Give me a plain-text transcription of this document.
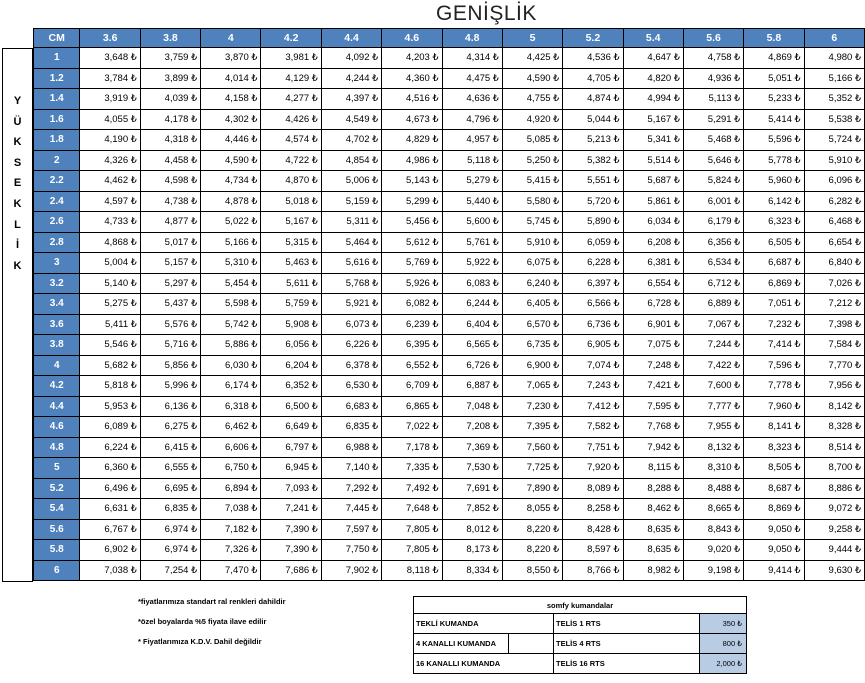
GENİŞLİK
Y
Ü
K
S
E
K
L
İ
K
CM	3.6	3.8	4	4.2	4.4	4.6	4.8	5	5.2	5.4	5.6	5.8	6
1	3,648 ₺	3,759 ₺	3,870 ₺	3,981 ₺	4,092 ₺	4,203 ₺	4,314 ₺	4,425 ₺	4,536 ₺	4,647 ₺	4,758 ₺	4,869 ₺	4,980 ₺
1.2	3,784 ₺	3,899 ₺	4,014 ₺	4,129 ₺	4,244 ₺	4,360 ₺	4,475 ₺	4,590 ₺	4,705 ₺	4,820 ₺	4,936 ₺	5,051 ₺	5,166 ₺
1.4	3,919 ₺	4,039 ₺	4,158 ₺	4,277 ₺	4,397 ₺	4,516 ₺	4,636 ₺	4,755 ₺	4,874 ₺	4,994 ₺	5,113 ₺	5,233 ₺	5,352 ₺
1.6	4,055 ₺	4,178 ₺	4,302 ₺	4,426 ₺	4,549 ₺	4,673 ₺	4,796 ₺	4,920 ₺	5,044 ₺	5,167 ₺	5,291 ₺	5,414 ₺	5,538 ₺
1.8	4,190 ₺	4,318 ₺	4,446 ₺	4,574 ₺	4,702 ₺	4,829 ₺	4,957 ₺	5,085 ₺	5,213 ₺	5,341 ₺	5,468 ₺	5,596 ₺	5,724 ₺
2	4,326 ₺	4,458 ₺	4,590 ₺	4,722 ₺	4,854 ₺	4,986 ₺	5,118 ₺	5,250 ₺	5,382 ₺	5,514 ₺	5,646 ₺	5,778 ₺	5,910 ₺
2.2	4,462 ₺	4,598 ₺	4,734 ₺	4,870 ₺	5,006 ₺	5,143 ₺	5,279 ₺	5,415 ₺	5,551 ₺	5,687 ₺	5,824 ₺	5,960 ₺	6,096 ₺
2.4	4,597 ₺	4,738 ₺	4,878 ₺	5,018 ₺	5,159 ₺	5,299 ₺	5,440 ₺	5,580 ₺	5,720 ₺	5,861 ₺	6,001 ₺	6,142 ₺	6,282 ₺
2.6	4,733 ₺	4,877 ₺	5,022 ₺	5,167 ₺	5,311 ₺	5,456 ₺	5,600 ₺	5,745 ₺	5,890 ₺	6,034 ₺	6,179 ₺	6,323 ₺	6,468 ₺
2.8	4,868 ₺	5,017 ₺	5,166 ₺	5,315 ₺	5,464 ₺	5,612 ₺	5,761 ₺	5,910 ₺	6,059 ₺	6,208 ₺	6,356 ₺	6,505 ₺	6,654 ₺
3	5,004 ₺	5,157 ₺	5,310 ₺	5,463 ₺	5,616 ₺	5,769 ₺	5,922 ₺	6,075 ₺	6,228 ₺	6,381 ₺	6,534 ₺	6,687 ₺	6,840 ₺
3.2	5,140 ₺	5,297 ₺	5,454 ₺	5,611 ₺	5,768 ₺	5,926 ₺	6,083 ₺	6,240 ₺	6,397 ₺	6,554 ₺	6,712 ₺	6,869 ₺	7,026 ₺
3.4	5,275 ₺	5,437 ₺	5,598 ₺	5,759 ₺	5,921 ₺	6,082 ₺	6,244 ₺	6,405 ₺	6,566 ₺	6,728 ₺	6,889 ₺	7,051 ₺	7,212 ₺
3.6	5,411 ₺	5,576 ₺	5,742 ₺	5,908 ₺	6,073 ₺	6,239 ₺	6,404 ₺	6,570 ₺	6,736 ₺	6,901 ₺	7,067 ₺	7,232 ₺	7,398 ₺
3.8	5,546 ₺	5,716 ₺	5,886 ₺	6,056 ₺	6,226 ₺	6,395 ₺	6,565 ₺	6,735 ₺	6,905 ₺	7,075 ₺	7,244 ₺	7,414 ₺	7,584 ₺
4	5,682 ₺	5,856 ₺	6,030 ₺	6,204 ₺	6,378 ₺	6,552 ₺	6,726 ₺	6,900 ₺	7,074 ₺	7,248 ₺	7,422 ₺	7,596 ₺	7,770 ₺
4.2	5,818 ₺	5,996 ₺	6,174 ₺	6,352 ₺	6,530 ₺	6,709 ₺	6,887 ₺	7,065 ₺	7,243 ₺	7,421 ₺	7,600 ₺	7,778 ₺	7,956 ₺
4.4	5,953 ₺	6,136 ₺	6,318 ₺	6,500 ₺	6,683 ₺	6,865 ₺	7,048 ₺	7,230 ₺	7,412 ₺	7,595 ₺	7,777 ₺	7,960 ₺	8,142 ₺
4.6	6,089 ₺	6,275 ₺	6,462 ₺	6,649 ₺	6,835 ₺	7,022 ₺	7,208 ₺	7,395 ₺	7,582 ₺	7,768 ₺	7,955 ₺	8,141 ₺	8,328 ₺
4.8	6,224 ₺	6,415 ₺	6,606 ₺	6,797 ₺	6,988 ₺	7,178 ₺	7,369 ₺	7,560 ₺	7,751 ₺	7,942 ₺	8,132 ₺	8,323 ₺	8,514 ₺
5	6,360 ₺	6,555 ₺	6,750 ₺	6,945 ₺	7,140 ₺	7,335 ₺	7,530 ₺	7,725 ₺	7,920 ₺	8,115 ₺	8,310 ₺	8,505 ₺	8,700 ₺
5.2	6,496 ₺	6,695 ₺	6,894 ₺	7,093 ₺	7,292 ₺	7,492 ₺	7,691 ₺	7,890 ₺	8,089 ₺	8,288 ₺	8,488 ₺	8,687 ₺	8,886 ₺
5.4	6,631 ₺	6,835 ₺	7,038 ₺	7,241 ₺	7,445 ₺	7,648 ₺	7,852 ₺	8,055 ₺	8,258 ₺	8,462 ₺	8,665 ₺	8,869 ₺	9,072 ₺
5.6	6,767 ₺	6,974 ₺	7,182 ₺	7,390 ₺	7,597 ₺	7,805 ₺	8,012 ₺	8,220 ₺	8,428 ₺	8,635 ₺	8,843 ₺	9,050 ₺	9,258 ₺
5.8	6,902 ₺	6,974 ₺	7,326 ₺	7,390 ₺	7,750 ₺	7,805 ₺	8,173 ₺	8,220 ₺	8,597 ₺	8,635 ₺	9,020 ₺	9,050 ₺	9,444 ₺
6	7,038 ₺	7,254 ₺	7,470 ₺	7,686 ₺	7,902 ₺	8,118 ₺	8,334 ₺	8,550 ₺	8,766 ₺	8,982 ₺	9,198 ₺	9,414 ₺	9,630 ₺
*fiyatlarımıza standart ral renkleri dahildir
*özel boyalarda %5 fiyata ilave edilir
* Fiyatlarımıza K.D.V. Dahil değildir
somfy kumandalar			
TEKLİ KUMANDA		TELİS 1 RTS	350 ₺
4 KANALLI KUMANDA		TELİS 4 RTS	800 ₺
16 KANALLI KUMANDA		TELİS 16 RTS	2,000 ₺
